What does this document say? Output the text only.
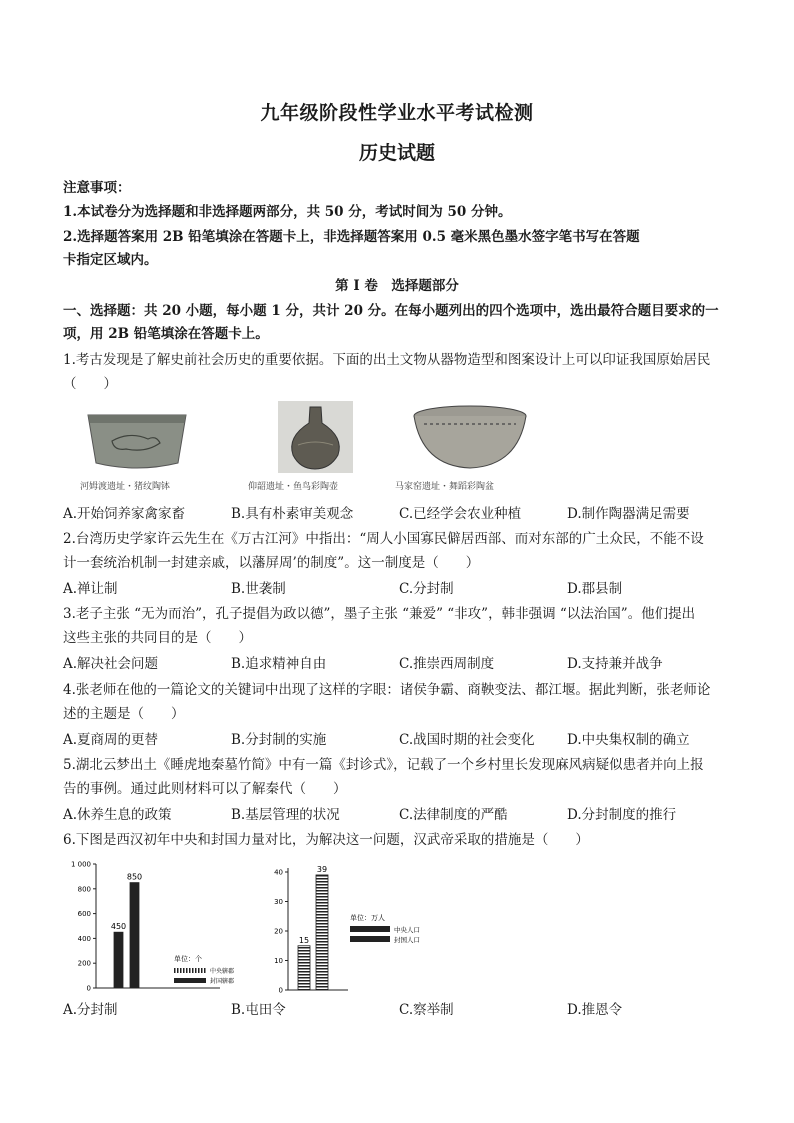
九年级阶段性学业水平考试检测
历史试题
注意事项：
1.本试卷分为选择题和非选择题两部分，共 50 分，考试时间为 50 分钟。
2.选择题答案用 2B 铅笔填涂在答题卡上，非选择题答案用 0.5 毫米黑色墨水签字笔书写在答题
卡指定区域内。
第 I 卷　选择题部分
一、选择题：共 20 小题，每小题 1 分，共计 20 分。在每小题列出的四个选项中，选出最符合题目要求的一
项，用 2B 铅笔填涂在答题卡上。
1.考古发现是了解史前社会历史的重要依据。下面的出土文物从器物造型和图案设计上可以印证我国原始居民
（　　）
河姆渡遗址・猪纹陶钵	仰韶遗址・鱼鸟彩陶壶	马家窑遗址・舞蹈彩陶盆
A.开始饲养家禽家畜	B.具有朴素审美观念	C.已经学会农业种植	D.制作陶器满足需要
2.台湾历史学家许云先生在《万古江河》中指出：“周人小国寡民僻居西部、而对东部的广土众民，不能不设
计一套统治机制一封建亲戚，以藩屏周’的制度”。这一制度是（　　）
A.禅让制	B.世袭制	C.分封制	D.郡县制
3.老子主张 “无为而治”，孔子提倡为政以德”，墨子主张 “兼爱” “非攻”，韩非强调 “以法治国”。他们提出
这些主张的共同目的是（　　）
A.解决社会问题	B.追求精神自由	C.推崇西周制度	D.支持兼并战争
4.张老师在他的一篇论文的关键词中出现了这样的字眼：诸侯争霸、商鞅变法、都江堰。据此判断，张老师论
述的主题是（　　）
A.夏商周的更替	B.分封制的实施	C.战国时期的社会变化 D.中央集权制的确立
5.湖北云梦出土《睡虎地秦墓竹简》中有一篇《封诊式》，记载了一个乡村里长发现麻风病疑似患者并向上报
告的事例。通过此则材料可以了解秦代（　　）
A.休养生息的政策	B.基层管理的状况	C.法律制度的严酷	D.分封制度的推行
6.下图是西汉初年中央和封国力量对比，为解决这一问题，汉武帝采取的措施是（　　）
0
200
400
600
800
1 000
450
850
单位：个
中央辖郡
封国辖郡
0
10
20
30
40
15
39
单位：万人
中央人口
封国人口
A.分封制	B.屯田令	C.察举制	D.推恩令
